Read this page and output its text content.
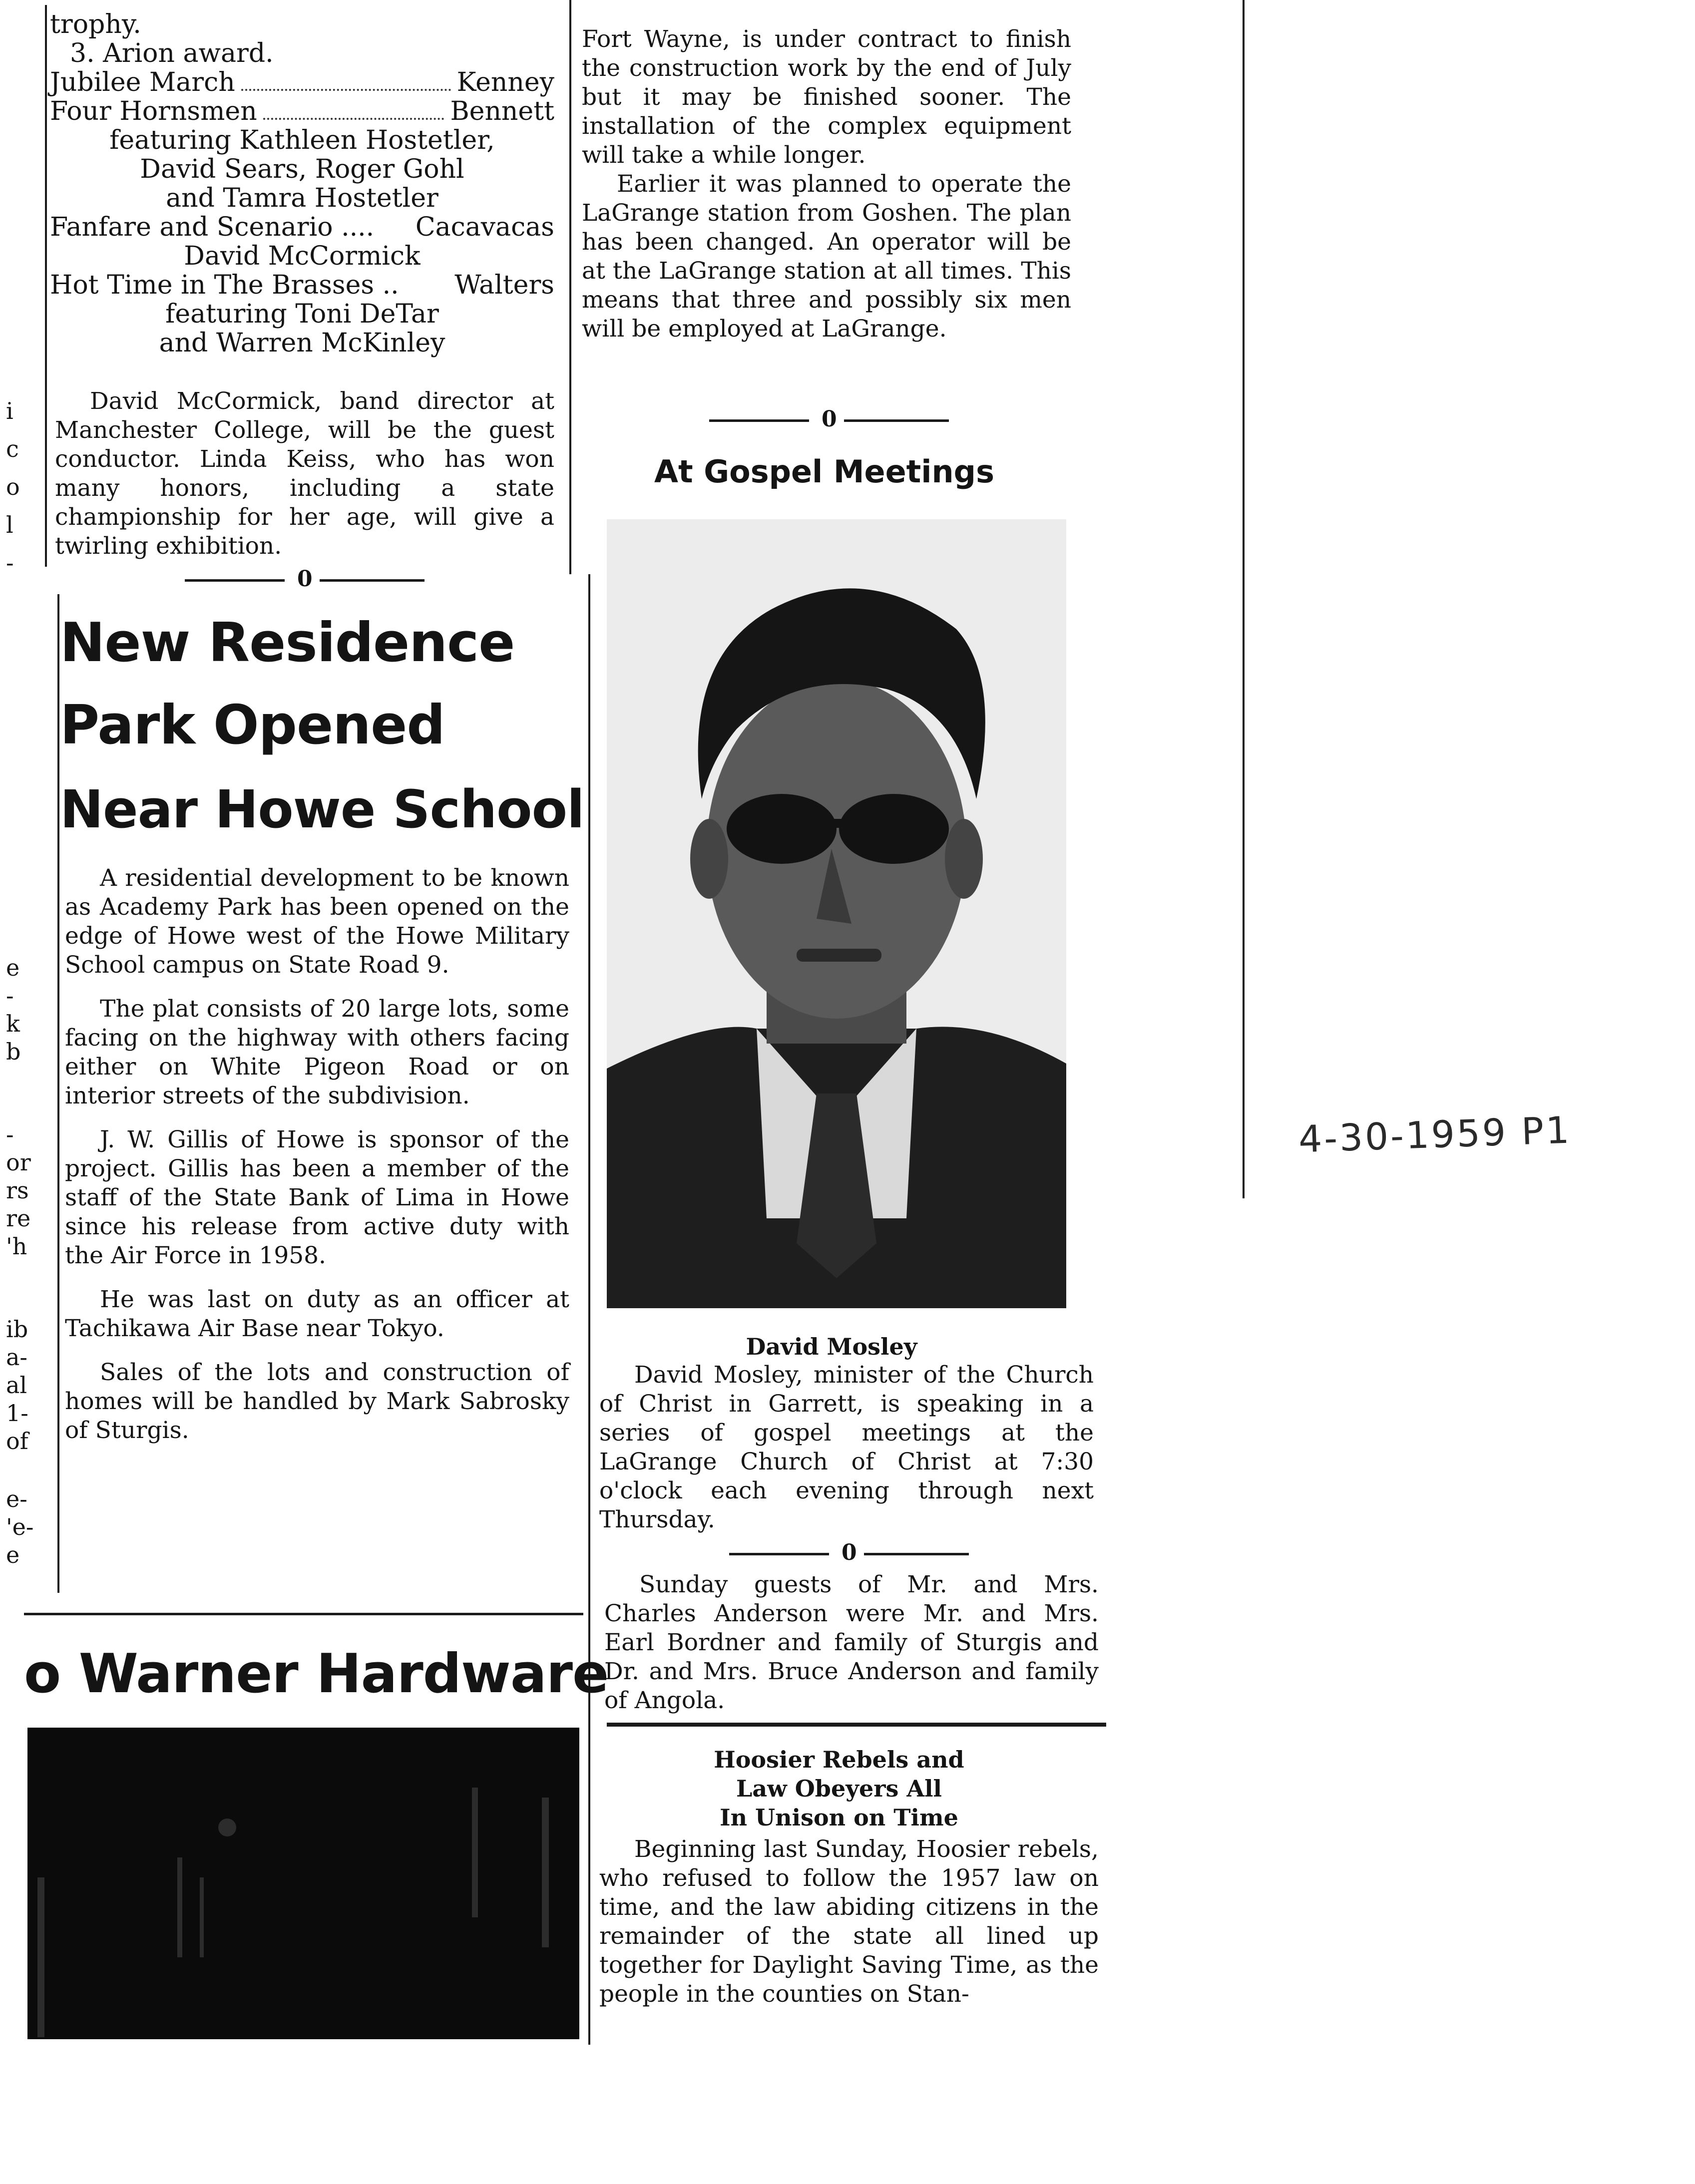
i
c
o
l
-
e
-
k
b
-
or
rs
re
'h
ib
a-
al
1-
of
e-
'e-
e
trophy.
3. Arion award.
Jubilee March	Kenney
Four Hornsmen	Bennett
featuring Kathleen Hostetler,
David Sears, Roger Gohl
and Tamra Hostetler
Fanfare and Scenario .... Cacavacas
David McCormick
Hot Time in The Brasses .. Walters
featuring Toni DeTar
and Warren McKinley

David McCormick, band director at Manchester College, will be the guest conductor. Linda Keiss, who has won many honors, including a state championship for her age, will give a twirling exhibition.

0
New Residence
Park Opened
Near Howe School

A residential development to be known as Academy Park has been opened on the edge of Howe west of the Howe Military School campus on State Road 9.

The plat consists of 20 large lots, some facing on the highway with others facing either on White Pigeon Road or on interior streets of the subdivision.

J. W. Gillis of Howe is sponsor of the project. Gillis has been a member of the staff of the State Bank of Lima in Howe since his release from active duty with the Air Force in 1958.

He was last on duty as an officer at Tachikawa Air Base near Tokyo.

Sales of the lots and construction of homes will be handled by Mark Sabrosky of Sturgis.

o Warner Hardware

Fort Wayne, is under contract to finish the construction work by the end of July but it may be finished sooner. The installation of the complex equipment will take a while longer.

Earlier it was planned to operate the LaGrange station from Goshen. The plan has been changed. An operator will be at the LaGrange station at all times. This means that three and possibly six men will be employed at LaGrange.

0
At Gospel Meetings
David Mosley

David Mosley, minister of the Church of Christ in Garrett, is speaking in a series of gospel meetings at the LaGrange Church of Christ at 7:30 o'clock each evening through next Thursday.

0

Sunday guests of Mr. and Mrs. Charles Anderson were Mr. and Mrs. Earl Bordner and family of Sturgis and Dr. and Mrs. Bruce Anderson and family of Angola.

Hoosier Rebels and
Law Obeyers All
In Unison on Time

Beginning last Sunday, Hoosier rebels, who refused to follow the 1957 law on time, and the law abiding citizens in the remainder of the state all lined up together for Daylight Saving Time, as the people in the counties on Stan-

4-30-1959 P1
